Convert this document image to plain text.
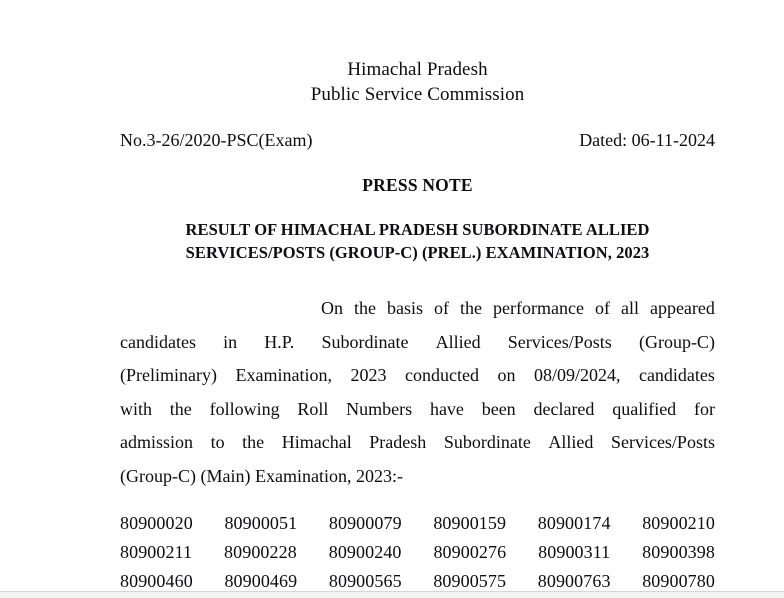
Himachal Pradesh
Public Service Commission
No.3-26/2020-PSC(Exam)	Dated: 06-11-2024
PRESS NOTE
RESULT OF HIMACHAL PRADESH SUBORDINATE ALLIED
SERVICES/POSTS (GROUP-C) (PREL.) EXAMINATION, 2023
On the basis of the performance of all appeared
candidates in H.P. Subordinate Allied Services/Posts (Group-C)
(Preliminary) Examination, 2023 conducted on 08/09/2024, candidates
with the following Roll Numbers have been declared qualified for
admission to the Himachal Pradesh Subordinate Allied Services/Posts
(Group-C) (Main) Examination, 2023:-
80900020 80900051 80900079 80900159 80900174 80900210
80900211 80900228 80900240 80900276 80900311 80900398
80900460 80900469 80900565 80900575 80900763 80900780
